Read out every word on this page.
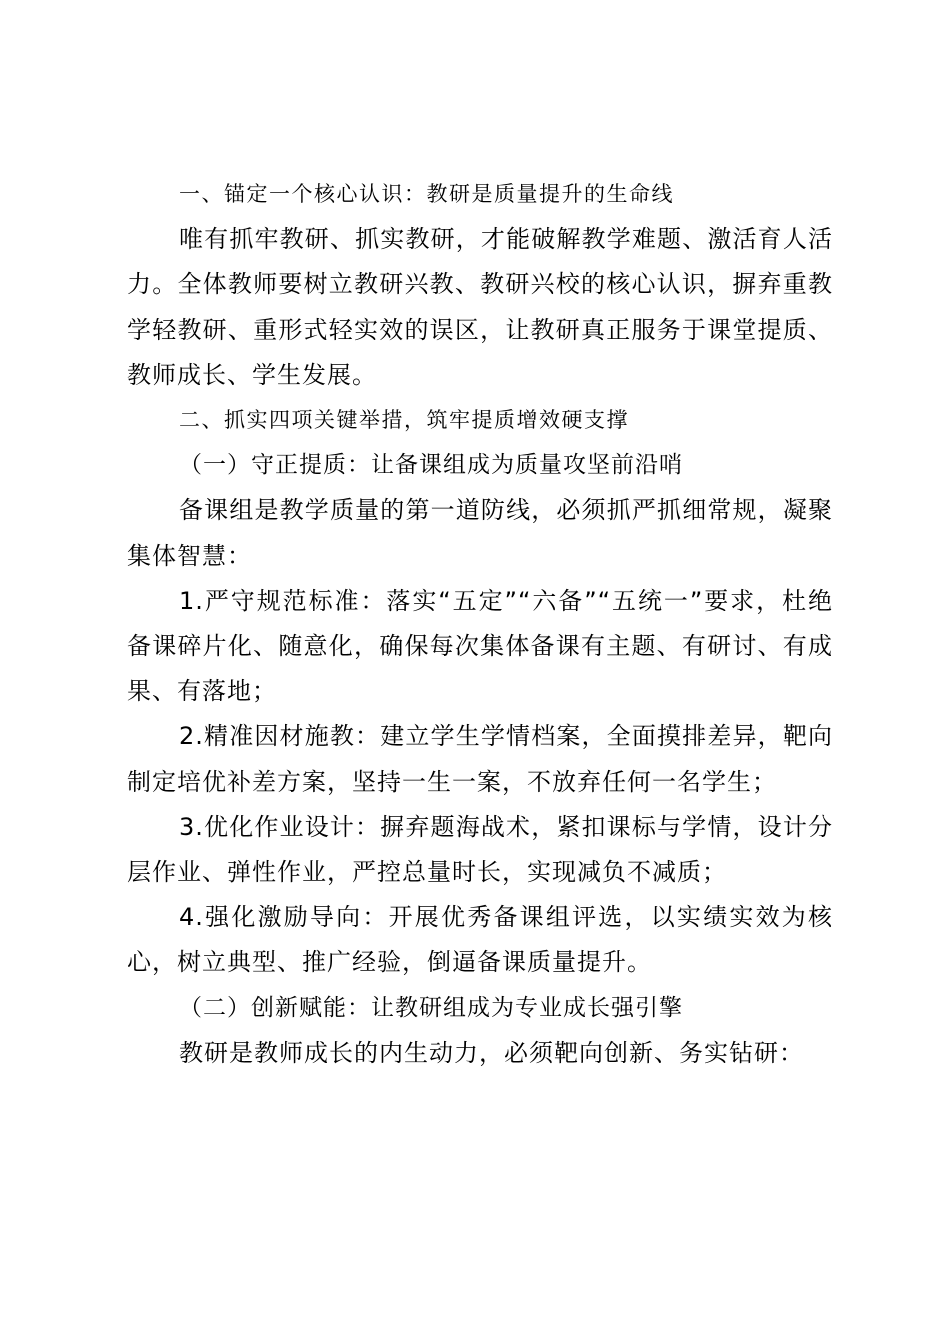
一、锚定一个核心认识：教研是质量提升的生命线

唯有抓牢教研、抓实教研，才能破解教学难题、激活育人活力。全体教师要树立教研兴教、教研兴校的核心认识，摒弃重教学轻教研、重形式轻实效的误区，让教研真正服务于课堂提质、教师成长、学生发展。

二、抓实四项关键举措，筑牢提质增效硬支撑

（一）守正提质：让备课组成为质量攻坚前沿哨

备课组是教学质量的第一道防线，必须抓严抓细常规，凝聚集体智慧：

1.严守规范标准：落实“五定”“六备”“五统一”要求，杜绝备课碎片化、随意化，确保每次集体备课有主题、有研讨、有成果、有落地；

2.精准因材施教：建立学生学情档案，全面摸排差异，靶向制定培优补差方案，坚持一生一案，不放弃任何一名学生；

3.优化作业设计：摒弃题海战术，紧扣课标与学情，设计分层作业、弹性作业，严控总量时长，实现减负不减质；

4.强化激励导向：开展优秀备课组评选，以实绩实效为核心，树立典型、推广经验，倒逼备课质量提升。

（二）创新赋能：让教研组成为专业成长强引擎

教研是教师成长的内生动力，必须靶向创新、务实钻研：
